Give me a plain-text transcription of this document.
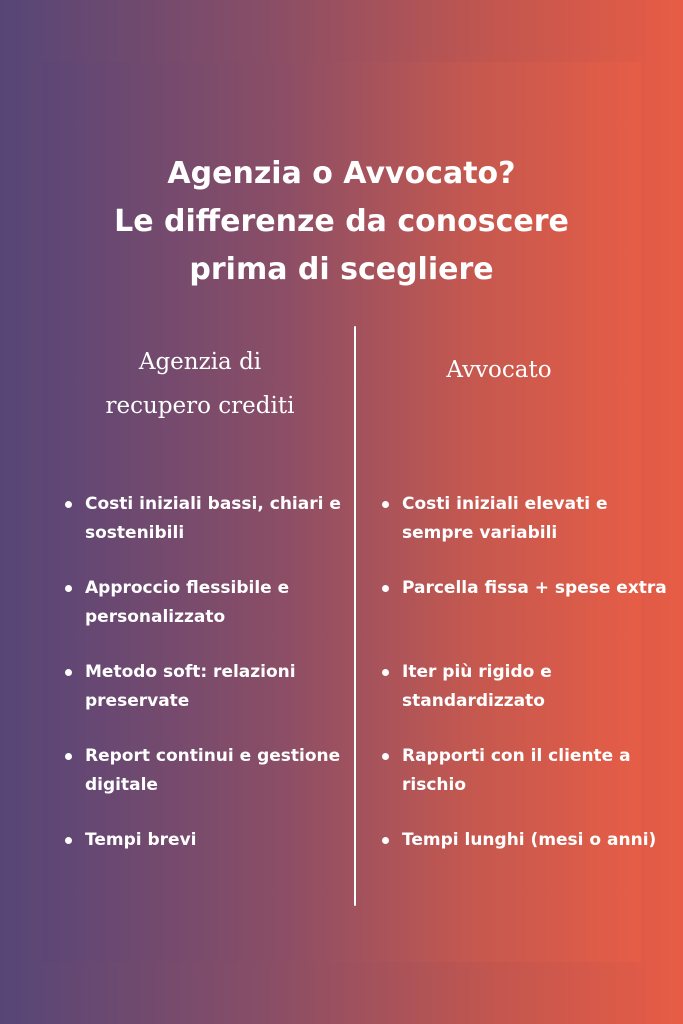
Agenzia o Avvocato?
Le differenze da conoscere
prima di scegliere
Agenzia di
recupero crediti
Avvocato
Costi iniziali bassi, chiari e sostenibili
Approccio flessibile e personalizzato
Metodo soft: relazioni preservate
Report continui e gestione digitale
Tempi brevi
Costi iniziali elevati e sempre variabili
Parcella fissa + spese extra
Iter più rigido e standardizzato
Rapporti con il cliente a rischio
Tempi lunghi (mesi o anni)
